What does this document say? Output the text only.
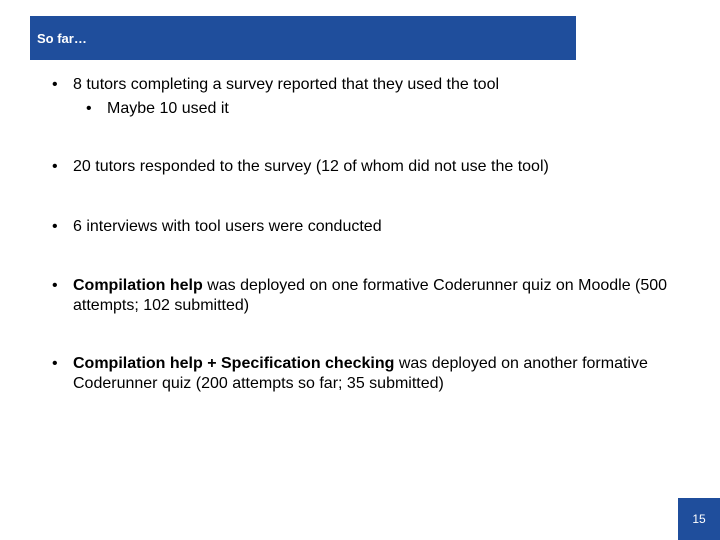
So far…
• 8 tutors completing a survey reported that they used the tool
• Maybe 10 used it
• 20 tutors responded to the survey (12 of whom did not use the tool)
• 6 interviews with tool users were conducted
• Compilation help was deployed on one formative Coderunner quiz on Moodle (500 attempts; 102 submitted)
• Compilation help + Specification checking was deployed on another formative Coderunner quiz (200 attempts so far; 35 submitted)
15
